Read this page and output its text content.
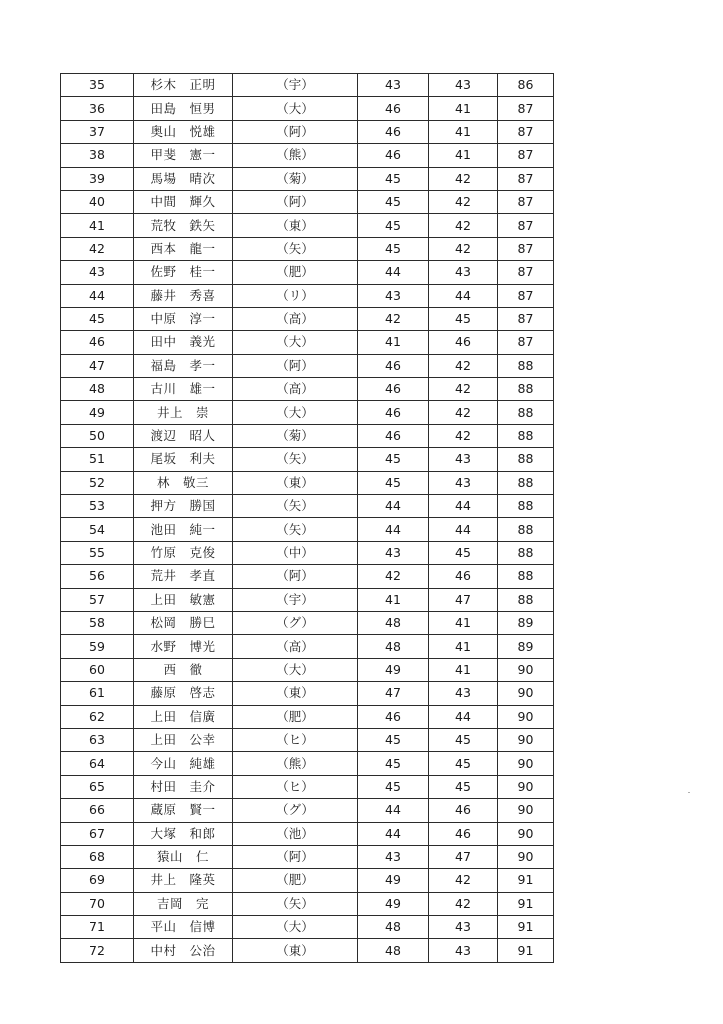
35	杉木　正明	（宇）	43	43	86
36	田島　恒男	（大）	46	41	87
37	奥山　悦雄	（阿）	46	41	87
38	甲斐　憲一	（熊）	46	41	87
39	馬場　晴次	（菊）	45	42	87
40	中間　輝久	（阿）	45	42	87
41	荒牧　鉄矢	（東）	45	42	87
42	西本　龍一	（矢）	45	42	87
43	佐野　桂一	（肥）	44	43	87
44	藤井　秀喜	（リ）	43	44	87
45	中原　淳一	（高）	42	45	87
46	田中　義光	（大）	41	46	87
47	福島　孝一	（阿）	46	42	88
48	古川　雄一	（高）	46	42	88
49	井上　崇	（大）	46	42	88
50	渡辺　昭人	（菊）	46	42	88
51	尾坂　利夫	（矢）	45	43	88
52	林　敬三	（東）	45	43	88
53	押方　勝国	（矢）	44	44	88
54	池田　純一	（矢）	44	44	88
55	竹原　克俊	（中）	43	45	88
56	荒井　孝直	（阿）	42	46	88
57	上田　敏憲	（宇）	41	47	88
58	松岡　勝巳	（グ）	48	41	89
59	水野　博光	（高）	48	41	89
60	西　徹	（大）	49	41	90
61	藤原　啓志	（東）	47	43	90
62	上田　信廣	（肥）	46	44	90
63	上田　公幸	（ヒ）	45	45	90
64	今山　純雄	（熊）	45	45	90
65	村田　圭介	（ヒ）	45	45	90
66	蔵原　賢一	（グ）	44	46	90
67	大塚　和郎	（池）	44	46	90
68	猿山　仁	（阿）	43	47	90
69	井上　隆英	（肥）	49	42	91
70	吉岡　完	（矢）	49	42	91
71	平山　信博	（大）	48	43	91
72	中村　公治	（東）	48	43	91
